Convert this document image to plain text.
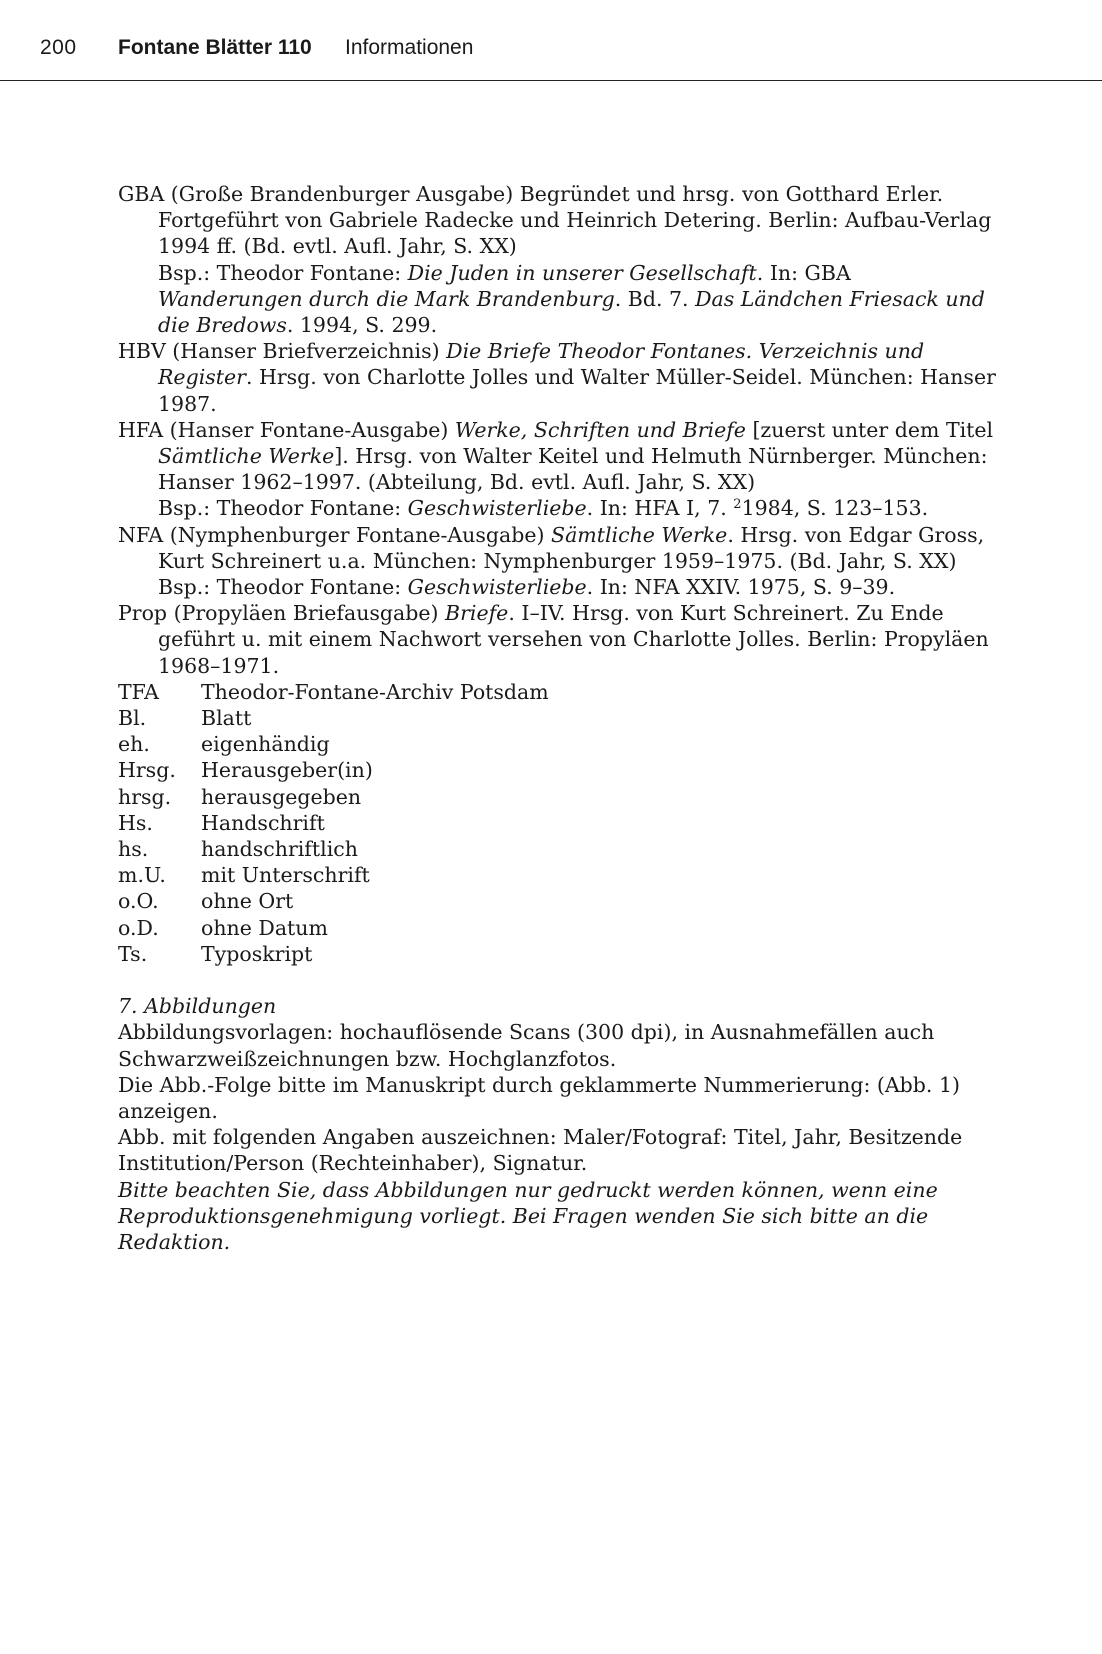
200 Fontane Blätter 110 Informationen

GBA (Große Brandenburger Ausgabe) Begründet und hrsg. von Gotthard Erler. Fortgeführt von Gabriele Radecke und Heinrich Detering. Berlin: Aufbau-Verlag 1994 ff. (Bd. evtl. Aufl. Jahr, S. XX)

Bsp.: Theodor Fontane: Die Juden in unserer Gesellschaft. In: GBA Wanderungen durch die Mark Brandenburg. Bd. 7. Das Ländchen Friesack und die Bredows. 1994, S. 299.

HBV (Hanser Briefverzeichnis) Die Briefe Theodor Fontanes. Verzeichnis und Register. Hrsg. von Charlotte Jolles und Walter Müller-Seidel. München: Hanser 1987.

HFA (Hanser Fontane-Ausgabe) Werke, Schriften und Briefe [zuerst unter dem Titel Sämtliche Werke]. Hrsg. von Walter Keitel und Helmuth Nürnberger. München: Hanser 1962–1997. (Abteilung, Bd. evtl. Aufl. Jahr, S. XX)

Bsp.: Theodor Fontane: Geschwisterliebe. In: HFA I, 7. $^2$1984, S. 123–153.

NFA (Nymphenburger Fontane-Ausgabe) Sämtliche Werke. Hrsg. von Edgar Gross, Kurt Schreinert u.a. München: Nymphenburger 1959–1975. (Bd. Jahr, S. XX)

Bsp.: Theodor Fontane: Geschwisterliebe. In: NFA XXIV. 1975, S. 9–39.

Prop (Propyläen Briefausgabe) Briefe. I–IV. Hrsg. von Kurt Schreinert. Zu Ende geführt u. mit einem Nachwort versehen von Charlotte Jolles. Berlin: Propyläen 1968–1971.

TFA	Theodor-Fontane-Archiv Potsdam

Bl.	Blatt

eh.	eigenhändig

Hrsg.	Herausgeber(in)

hrsg.	herausgegeben

Hs.	Handschrift

hs.	handschriftlich

m.U.	mit Unterschrift

o.O.	ohne Ort

o.D.	ohne Datum

Ts.	Typoskript

7. Abbildungen

Abbildungsvorlagen: hochauflösende Scans (300 dpi), in Ausnahmefällen auch Schwarzweißzeichnungen bzw. Hochglanzfotos.

Die Abb.-Folge bitte im Manuskript durch geklammerte Nummerierung: (Abb. 1) anzeigen.

Abb. mit folgenden Angaben auszeichnen: Maler/Fotograf: Titel, Jahr, Besitzende Institution/Person (Rechteinhaber), Signatur.

Bitte beachten Sie, dass Abbildungen nur gedruckt werden können, wenn eine Reproduktionsgenehmigung vorliegt. Bei Fragen wenden Sie sich bitte an die Redaktion.
